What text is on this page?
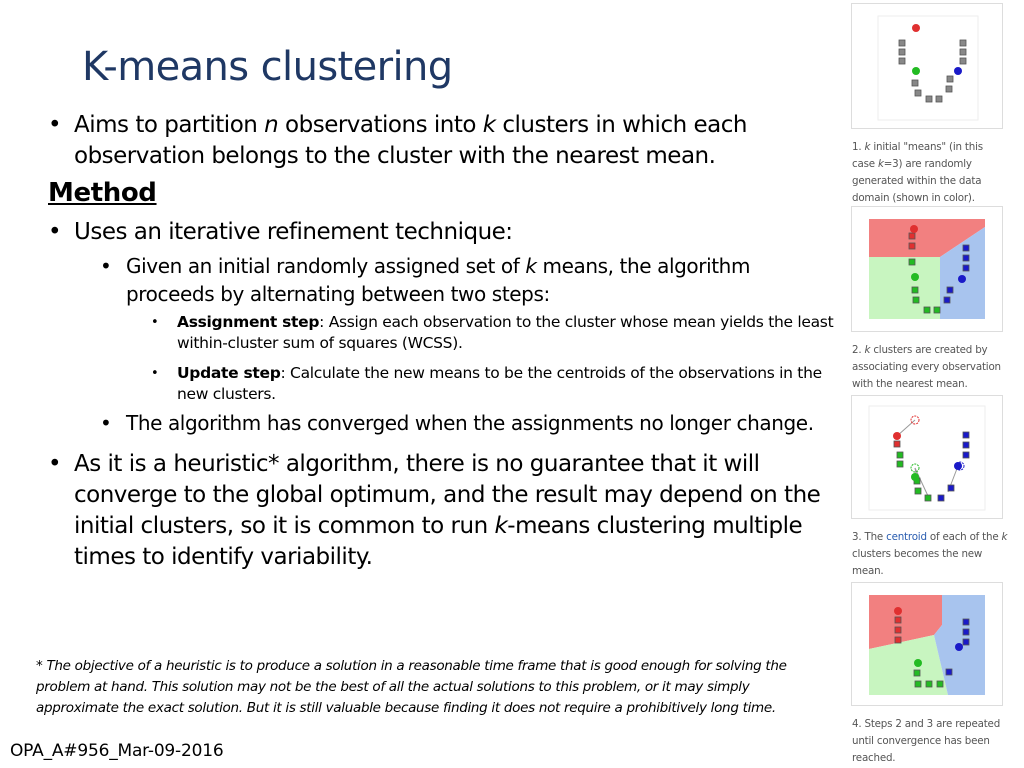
K-means clustering
• Aims to partition n observations into k clusters in which each observation belongs to the cluster with the nearest mean.
Method
• Uses an iterative refinement technique:
• Given an initial randomly assigned set of k means, the algorithm proceeds by alternating between two steps:
• Assignment step: Assign each observation to the cluster whose mean yields the least within-cluster sum of squares (WCSS).
• Update step: Calculate the new means to be the centroids of the observations in the new clusters.
• The algorithm has converged when the assignments no longer change.
• As it is a heuristic* algorithm, there is no guarantee that it will converge to the global optimum, and the result may depend on the initial clusters, so it is common to run k-means clustering multiple times to identify variability.
* The objective of a heuristic is to produce a solution in a reasonable time frame that is good enough for solving the problem at hand. This solution may not be the best of all the actual solutions to this problem, or it may simply approximate the exact solution. But it is still valuable because finding it does not require a prohibitively long time.
OPA_A#956_Mar-09-2016
1. k initial "means" (in this case k=3) are randomly generated within the data domain (shown in color).
2. k clusters are created by associating every observation with the nearest mean.
3. The centroid of each of the k clusters becomes the new mean.
4. Steps 2 and 3 are repeated until convergence has been reached.
